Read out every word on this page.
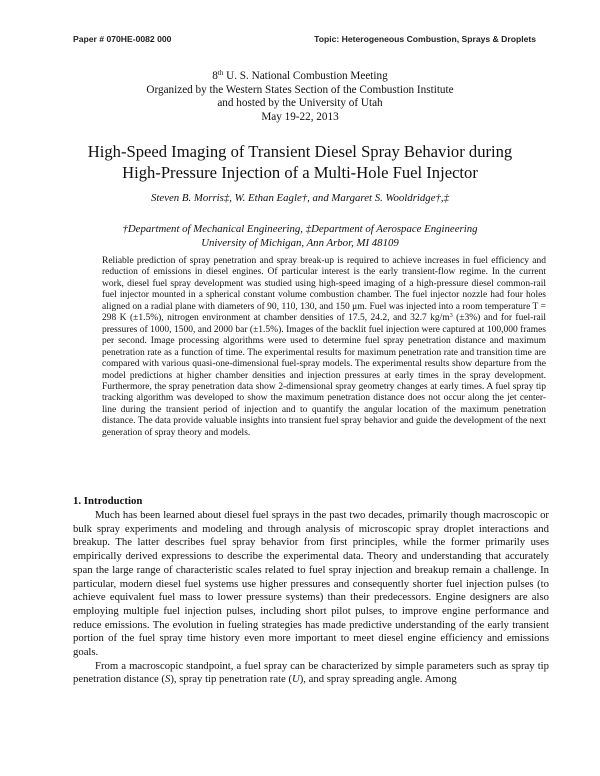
Paper # 070HE-0082 000	Topic: Heterogeneous Combustion, Sprays & Droplets
8th U. S. National Combustion Meeting
Organized by the Western States Section of the Combustion Institute
and hosted by the University of Utah
May 19-22, 2013
High-Speed Imaging of Transient Diesel Spray Behavior during
High-Pressure Injection of a Multi-Hole Fuel Injector
Steven B. Morris‡, W. Ethan Eagle†, and Margaret S. Wooldridge†,‡
†Department of Mechanical Engineering, ‡Department of Aerospace Engineering
University of Michigan, Ann Arbor, MI 48109
Reliable prediction of spray penetration and spray break-up is required to achieve increases in fuel efficiency and reduction of emissions in diesel engines. Of particular interest is the early transient-flow regime. In the current work, diesel fuel spray development was studied using high-speed imaging of a high-pressure diesel common-rail fuel injector mounted in a spherical constant volume combustion chamber. The fuel injector nozzle had four holes aligned on a radial plane with diameters of 90, 110, 130, and 150 μm. Fuel was injected into a room temperature T = 298 K (±1.5%), nitrogen environment at chamber densities of 17.5, 24.2, and 32.7 $kg/m^3$ (±3%) and for fuel-rail pressures of 1000, 1500, and 2000 bar (±1.5%). Images of the backlit fuel injection were captured at 100,000 frames per second. Image processing algorithms were used to determine fuel spray penetration distance and maximum penetration rate as a function of time. The experimental results for maximum penetration rate and transition time are compared with various quasi-one-dimensional fuel-spray models. The experimental results show departure from the model predictions at higher chamber densities and injection pressures at early times in the spray development. Furthermore, the spray penetration data show 2-dimensional spray geometry changes at early times. A fuel spray tip tracking algorithm was developed to show the maximum penetration distance does not occur along the jet center-line during the transient period of injection and to quantify the angular location of the maximum penetration distance. The data provide valuable insights into transient fuel spray behavior and guide the development of the next generation of spray theory and models.
1. Introduction

Much has been learned about diesel fuel sprays in the past two decades, primarily though macroscopic or bulk spray experiments and modeling and through analysis of microscopic spray droplet interactions and breakup. The latter describes fuel spray behavior from first principles, while the former primarily uses empirically derived expressions to describe the experimental data. Theory and understanding that accurately span the large range of characteristic scales related to fuel spray injection and breakup remain a challenge. In particular, modern diesel fuel systems use higher pressures and consequently shorter fuel injection pulses (to achieve equivalent fuel mass to lower pressure systems) than their predecessors. Engine designers are also employing multiple fuel injection pulses, including short pilot pulses, to improve engine performance and reduce emissions. The evolution in fueling strategies has made predictive understanding of the early transient portion of the fuel spray time history even more important to meet diesel engine efficiency and emissions goals.

From a macroscopic standpoint, a fuel spray can be characterized by simple parameters such as spray tip penetration distance (S), spray tip penetration rate (U), and spray spreading angle. Among
